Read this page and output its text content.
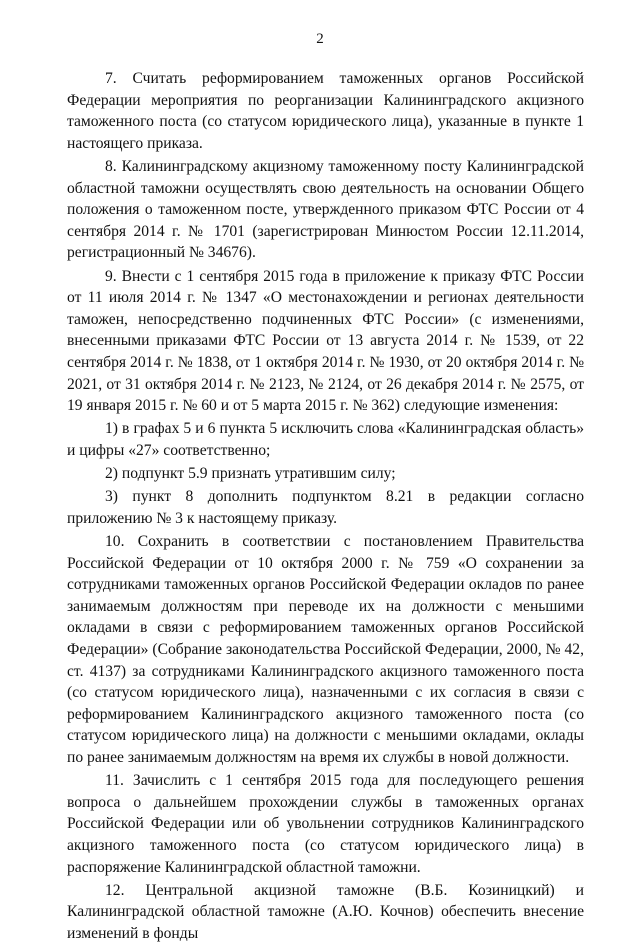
2

7. Считать реформированием таможенных органов Российской Федерации мероприятия по реорганизации Калининградского акцизного таможенного поста (со статусом юридического лица), указанные в пункте 1 настоящего приказа.

8. Калининградскому акцизному таможенному посту Калининградской областной таможни осуществлять свою деятельность на основании Общего положения о таможенном посте, утвержденного приказом ФТС России от 4 сентября 2014 г. № 1701 (зарегистрирован Минюстом России 12.11.2014, регистрационный № 34676).

9. Внести с 1 сентября 2015 года в приложение к приказу ФТС России от 11 июля 2014 г. № 1347 «О местонахождении и регионах деятельности таможен, непосредственно подчиненных ФТС России» (с изменениями, внесенными приказами ФТС России от 13 августа 2014 г. № 1539, от 22 сентября 2014 г. № 1838, от 1 октября 2014 г. № 1930, от 20 октября 2014 г. № 2021, от 31 октября 2014 г. № 2123, № 2124, от 26 декабря 2014 г. № 2575, от 19 января 2015 г. № 60 и от 5 марта 2015 г. № 362) следующие изменения:

1) в графах 5 и 6 пункта 5 исключить слова «Калининградская область» и цифры «27» соответственно;

2) подпункт 5.9 признать утратившим силу;

3) пункт 8 дополнить подпунктом 8.21 в редакции согласно приложению № 3 к настоящему приказу.

10. Сохранить в соответствии с постановлением Правительства Российской Федерации от 10 октября 2000 г. № 759 «О сохранении за сотрудниками таможенных органов Российской Федерации окладов по ранее занимаемым должностям при переводе их на должности с меньшими окладами в связи с реформированием таможенных органов Российской Федерации» (Собрание законодательства Российской Федерации, 2000, № 42, ст. 4137) за сотрудниками Калининградского акцизного таможенного поста (со статусом юридического лица), назначенными с их согласия в связи с реформированием Калининградского акцизного таможенного поста (со статусом юридического лица) на должности с меньшими окладами, оклады по ранее занимаемым должностям на время их службы в новой должности.

11. Зачислить с 1 сентября 2015 года для последующего решения вопроса о дальнейшем прохождении службы в таможенных органах Российской Федерации или об увольнении сотрудников Калининградского акцизного таможенного поста (со статусом юридического лица) в распоряжение Калининградской областной таможни.

12. Центральной акцизной таможне (В.Б. Козиницкий) и Калининградской областной таможне (А.Ю. Кочнов) обеспечить внесение изменений в фонды
